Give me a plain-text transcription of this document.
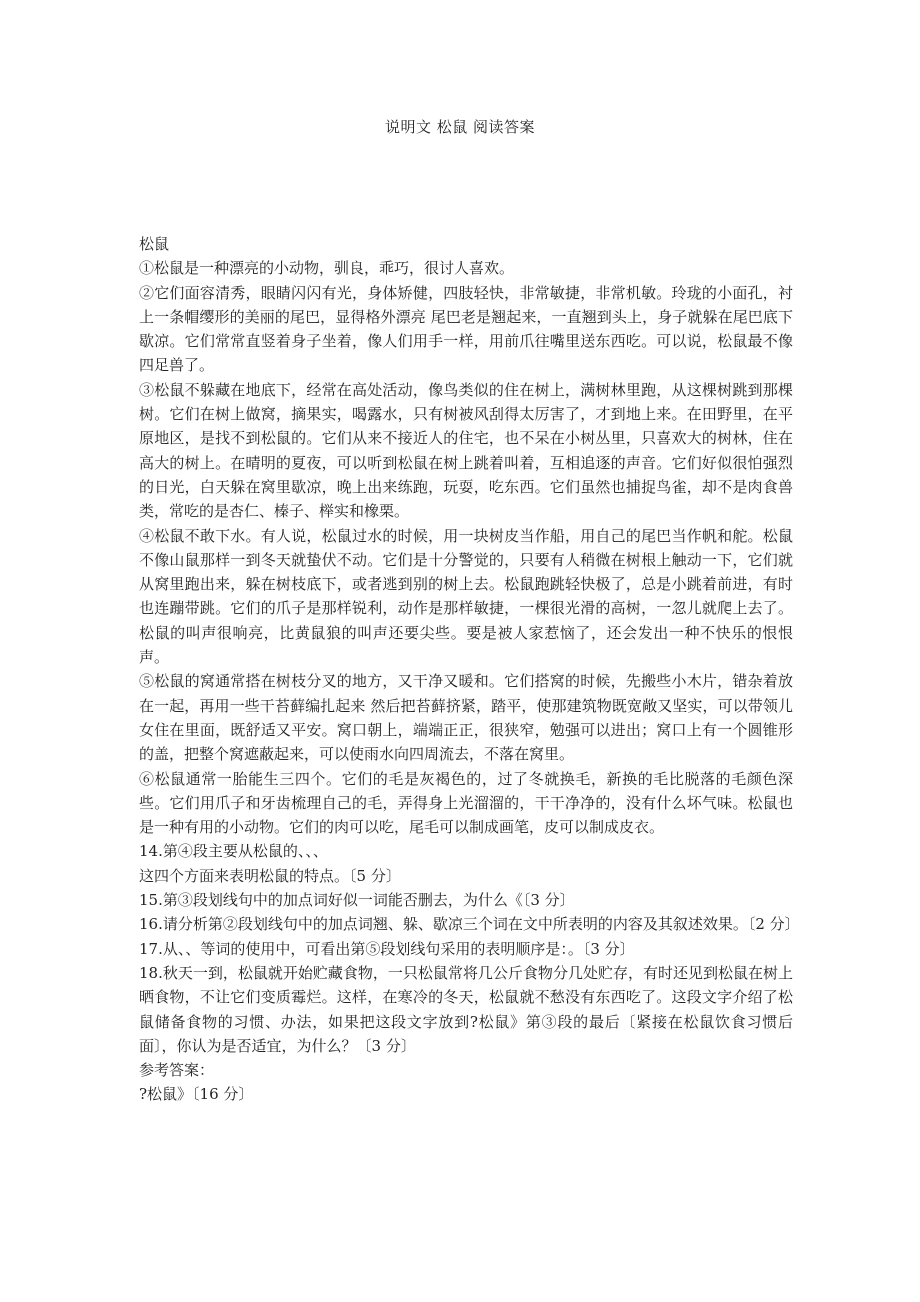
说明文 松鼠 阅读答案

松鼠

①松鼠是一种漂亮的小动物，驯良，乖巧，很讨人喜欢。

②它们面容清秀，眼睛闪闪有光，身体矫健，四肢轻快，非常敏捷，非常机敏。玲珑的小面孔，衬上一条帽缨形的美丽的尾巴，显得格外漂亮 尾巴老是翘起来，一直翘到头上，身子就躲在尾巴底下歇凉。它们常常直竖着身子坐着，像人们用手一样，用前爪往嘴里送东西吃。可以说，松鼠最不像四足兽了。

③松鼠不躲藏在地底下，经常在高处活动，像鸟类似的住在树上，满树林里跑，从这棵树跳到那棵树。它们在树上做窝，摘果实，喝露水，只有树被风刮得太厉害了，才到地上来。在田野里，在平原地区，是找不到松鼠的。它们从来不接近人的住宅，也不呆在小树丛里，只喜欢大的树林，住在高大的树上。在晴明的夏夜，可以听到松鼠在树上跳着叫着，互相追逐的声音。它们好似很怕强烈的日光，白天躲在窝里歇凉，晚上出来练跑，玩耍，吃东西。它们虽然也捕捉鸟雀，却不是肉食兽类，常吃的是杏仁、榛子、榉实和橡栗。

④松鼠不敢下水。有人说，松鼠过水的时候，用一块树皮当作船，用自己的尾巴当作帆和舵。松鼠不像山鼠那样一到冬天就蛰伏不动。它们是十分警觉的，只要有人稍微在树根上触动一下，它们就从窝里跑出来，躲在树枝底下，或者逃到别的树上去。松鼠跑跳轻快极了，总是小跳着前进，有时也连蹦带跳。它们的爪子是那样锐利，动作是那样敏捷，一棵很光滑的高树，一忽儿就爬上去了。松鼠的叫声很响亮，比黄鼠狼的叫声还要尖些。要是被人家惹恼了，还会发出一种不快乐的恨恨声。

⑤松鼠的窝通常搭在树枝分叉的地方，又干净又暖和。它们搭窝的时候，先搬些小木片，错杂着放在一起，再用一些干苔藓编扎起来 然后把苔藓挤紧，踏平，使那建筑物既宽敞又坚实，可以带领儿女住在里面，既舒适又平安。窝口朝上，端端正正，很狭窄，勉强可以进出；窝口上有一个圆锥形的盖，把整个窝遮蔽起来，可以使雨水向四周流去，不落在窝里。

⑥松鼠通常一胎能生三四个。它们的毛是灰褐色的，过了冬就换毛，新换的毛比脱落的毛颜色深些。它们用爪子和牙齿梳理自己的毛，弄得身上光溜溜的，干干净净的，没有什么坏气味。松鼠也是一种有用的小动物。它们的肉可以吃，尾毛可以制成画笔，皮可以制成皮衣。

14.第④段主要从松鼠的、、、

这四个方面来表明松鼠的特点。〔5 分〕

15.第③段划线句中的加点词好似一词能否删去，为什么《〔3 分〕

16.请分析第②段划线句中的加点词翘、躲、歇凉三个词在文中所表明的内容及其叙述效果。〔2 分〕

17.从、、等词的使用中，可看出第⑤段划线句采用的表明顺序是：。〔3 分〕

18.秋天一到，松鼠就开始贮藏食物，一只松鼠常将几公斤食物分几处贮存，有时还见到松鼠在树上晒食物，不让它们变质霉烂。这样，在寒冷的冬天，松鼠就不愁没有东西吃了。这段文字介绍了松鼠储备食物的习惯、办法，如果把这段文字放到?松鼠》第③段的最后〔紧接在松鼠饮食习惯后面〕，你认为是否适宜，为什么？〔3 分〕

参考答案：

?松鼠》〔16 分〕
